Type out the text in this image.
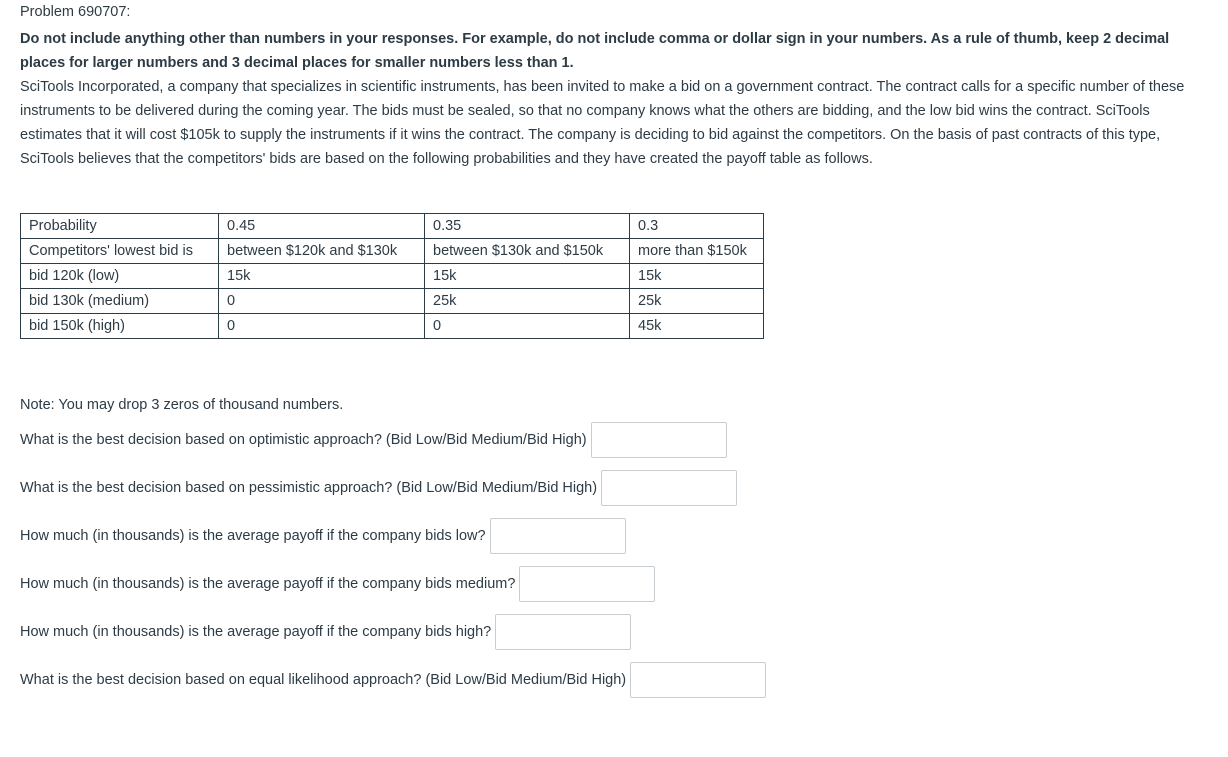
Problem 690707:

Do not include anything other than numbers in your responses. For example, do not include comma or dollar sign in your numbers. As a rule of thumb, keep 2 decimal places for larger numbers and 3 decimal places for smaller numbers less than 1.

SciTools Incorporated, a company that specializes in scientific instruments, has been invited to make a bid on a government contract. The contract calls for a specific number of these instruments to be delivered during the coming year. The bids must be sealed, so that no company knows what the others are bidding, and the low bid wins the contract. SciTools estimates that it will cost $105k to supply the instruments if it wins the contract. The company is deciding to bid against the competitors. On the basis of past contracts of this type, SciTools believes that the competitors' bids are based on the following probabilities and they have created the payoff table as follows.

Probability	0.45	0.35	0.3
Competitors' lowest bid is	between $120k and $130k	between $130k and $150k	more than $150k
bid 120k (low)	15k	15k	15k
bid 130k (medium)	0	25k	25k
bid 150k (high)	0	0	45k

Note: You may drop 3 zeros of thousand numbers.

What is the best decision based on optimistic approach? (Bid Low/Bid Medium/Bid High)
What is the best decision based on pessimistic approach? (Bid Low/Bid Medium/Bid High)
How much (in thousands) is the average payoff if the company bids low?
How much (in thousands) is the average payoff if the company bids medium?
How much (in thousands) is the average payoff if the company bids high?
What is the best decision based on equal likelihood approach? (Bid Low/Bid Medium/Bid High)
